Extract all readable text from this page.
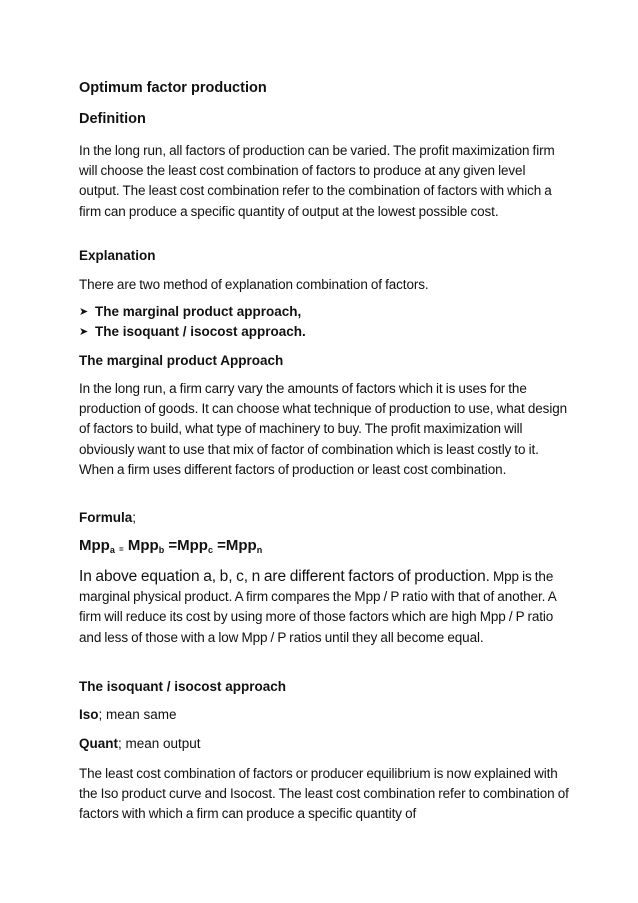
Optimum factor production
Definition

In the long run, all factors of production can be varied. The profit maximization firm will choose the least cost combination of factors to produce at any given level output. The least cost combination refer to the combination of factors with which a firm can produce a specific quantity of output at the lowest possible cost.

Explanation

There are two method of explanation combination of factors.

➤ The marginal product approach,
➤ The isoquant / isocost approach.
The marginal product Approach

In the long run, a firm carry vary the amounts of factors which it is uses for the production of goods. It can choose what technique of production to use, what design of factors to build, what type of machinery to buy. The profit maximization will obviously want to use that mix of factor of combination which is least costly to it. When a firm uses different factors of production or least cost combination.

Formula;
Mpp$_a$ = Mpp$_b$ =Mpp$_c$ =Mpp$_n$

In above equation a, b, c, n are different factors of production. Mpp is the marginal physical product. A firm compares the Mpp / P ratio with that of another. A firm will reduce its cost by using more of those factors which are high Mpp / P ratio and less of those with a low Mpp / P ratios until they all become equal.

The isoquant / isocost approach
Iso; mean same
Quant; mean output

The least cost combination of factors or producer equilibrium is now explained with the Iso product curve and Isocost. The least cost combination refer to combination of factors with which a firm can produce a specific quantity of
